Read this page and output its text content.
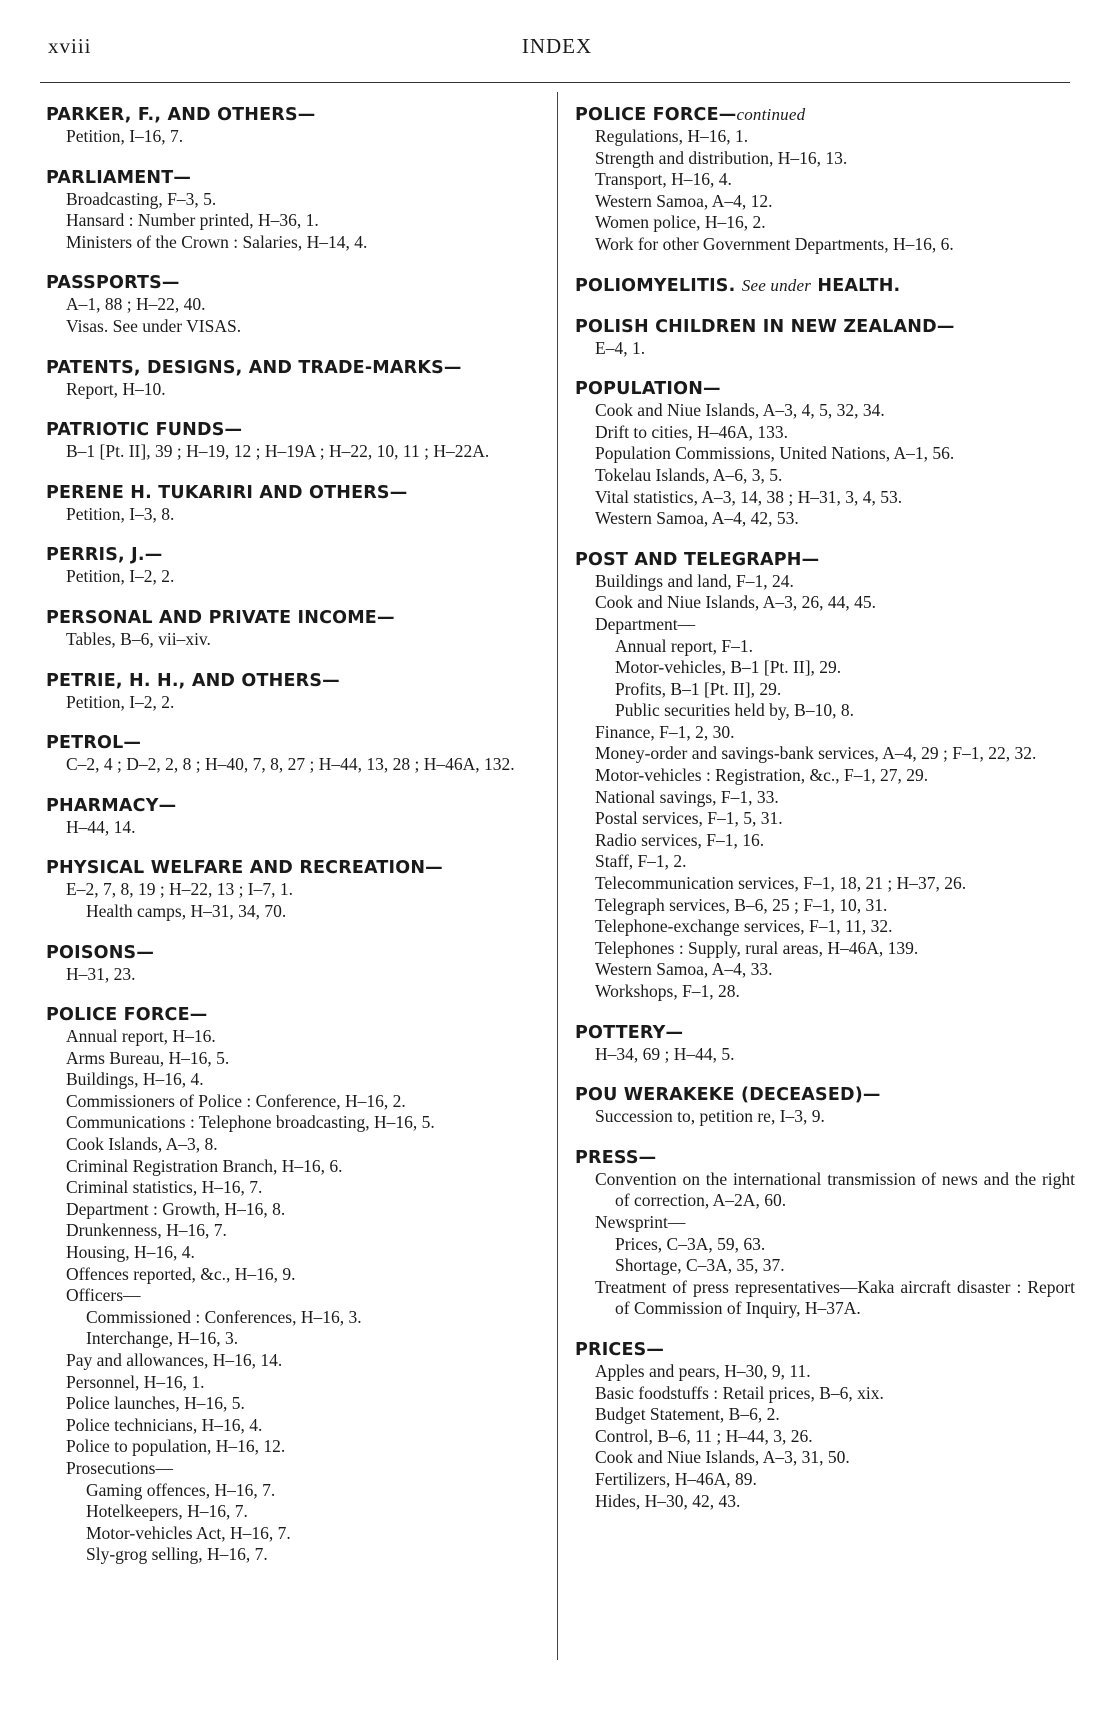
xviii	INDEX
PARKER, F., AND OTHERS—
Petition, I–16, 7.
PARLIAMENT—
Broadcasting, F–3, 5.
Hansard : Number printed, H–36, 1.
Ministers of the Crown : Salaries, H–14, 4.
PASSPORTS—
A–1, 88 ; H–22, 40.
Visas. See under VISAS.
PATENTS, DESIGNS, AND TRADE-MARKS—
Report, H–10.
PATRIOTIC FUNDS—
B–1 [Pt. II], 39 ; H–19, 12 ; H–19A ; H–22, 10, 11 ; H–22A.
PERENE H. TUKARIRI AND OTHERS—
Petition, I–3, 8.
PERRIS, J.—
Petition, I–2, 2.
PERSONAL AND PRIVATE INCOME—
Tables, B–6, vii–xiv.
PETRIE, H. H., AND OTHERS—
Petition, I–2, 2.
PETROL—
C–2, 4 ; D–2, 2, 8 ; H–40, 7, 8, 27 ; H–44, 13, 28 ; H–46A, 132.
PHARMACY—
H–44, 14.
PHYSICAL WELFARE AND RECREATION—
E–2, 7, 8, 19 ; H–22, 13 ; I–7, 1.
Health camps, H–31, 34, 70.
POISONS—
H–31, 23.
POLICE FORCE—
Annual report, H–16.
Arms Bureau, H–16, 5.
Buildings, H–16, 4.
Commissioners of Police : Conference, H–16, 2.
Communications : Telephone broadcasting, H–16, 5.
Cook Islands, A–3, 8.
Criminal Registration Branch, H–16, 6.
Criminal statistics, H–16, 7.
Department : Growth, H–16, 8.
Drunkenness, H–16, 7.
Housing, H–16, 4.
Offences reported, &c., H–16, 9.
Officers—
Commissioned : Conferences, H–16, 3.
Interchange, H–16, 3.
Pay and allowances, H–16, 14.
Personnel, H–16, 1.
Police launches, H–16, 5.
Police technicians, H–16, 4.
Police to population, H–16, 12.
Prosecutions—
Gaming offences, H–16, 7.
Hotelkeepers, H–16, 7.
Motor-vehicles Act, H–16, 7.
Sly-grog selling, H–16, 7.
POLICE FORCE—continued
Regulations, H–16, 1.
Strength and distribution, H–16, 13.
Transport, H–16, 4.
Western Samoa, A–4, 12.
Women police, H–16, 2.
Work for other Government Departments, H–16, 6.
POLIOMYELITIS. See under HEALTH.
POLISH CHILDREN IN NEW ZEALAND—
E–4, 1.
POPULATION—
Cook and Niue Islands, A–3, 4, 5, 32, 34.
Drift to cities, H–46A, 133.
Population Commissions, United Nations, A–1, 56.
Tokelau Islands, A–6, 3, 5.
Vital statistics, A–3, 14, 38 ; H–31, 3, 4, 53.
Western Samoa, A–4, 42, 53.
POST AND TELEGRAPH—
Buildings and land, F–1, 24.
Cook and Niue Islands, A–3, 26, 44, 45.
Department—
Annual report, F–1.
Motor-vehicles, B–1 [Pt. II], 29.
Profits, B–1 [Pt. II], 29.
Public securities held by, B–10, 8.
Finance, F–1, 2, 30.
Money-order and savings-bank services, A–4, 29 ; F–1, 22, 32.
Motor-vehicles : Registration, &c., F–1, 27, 29.
National savings, F–1, 33.
Postal services, F–1, 5, 31.
Radio services, F–1, 16.
Staff, F–1, 2.
Telecommunication services, F–1, 18, 21 ; H–37, 26.
Telegraph services, B–6, 25 ; F–1, 10, 31.
Telephone-exchange services, F–1, 11, 32.
Telephones : Supply, rural areas, H–46A, 139.
Western Samoa, A–4, 33.
Workshops, F–1, 28.
POTTERY—
H–34, 69 ; H–44, 5.
POU WERAKEKE (DECEASED)—
Succession to, petition re, I–3, 9.
PRESS—
Convention on the international transmission of news and the right of correction, A–2A, 60.
Newsprint—
Prices, C–3A, 59, 63.
Shortage, C–3A, 35, 37.
Treatment of press representatives—Kaka aircraft disaster : Report of Commission of Inquiry, H–37A.
PRICES—
Apples and pears, H–30, 9, 11.
Basic foodstuffs : Retail prices, B–6, xix.
Budget Statement, B–6, 2.
Control, B–6, 11 ; H–44, 3, 26.
Cook and Niue Islands, A–3, 31, 50.
Fertilizers, H–46A, 89.
Hides, H–30, 42, 43.
